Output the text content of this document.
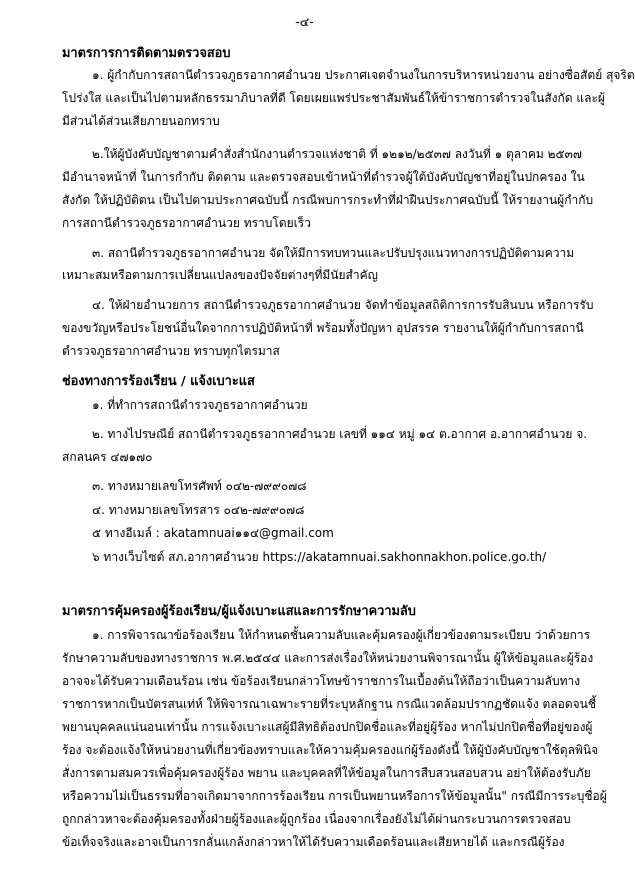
-๔-
มาตรการการติดตามตรวจสอบ
๑. ผู้กำกับการสถานีตำรวจภูธรอากาศอำนวย ประกาศเจตจำนงในการบริหารหน่วยงาน อย่างซื่อสัตย์ สุจริต
โปร่งใส และเป็นไปตามหลักธรรมาภิบาลที่ดี โดยเผยแพร่ประชาสัมพันธ์ให้ข้าราชการตำรวจในสังกัด และผู้
มีส่วนได้ส่วนเสียภายนอกทราบ
๒.ให้ผู้บังคับบัญชาตามคำสั่งสำนักงานตำรวจแห่งชาติ ที่ ๑๒๑๒/๒๕๓๗ ลงวันที่ ๑ ตุลาคม ๒๕๓๗
มีอำนาจหน้าที่ ในการกำกับ ติดตาม และตรวจสอบเข้าหน้าที่ตำรวจผู้ใต้บังคับบัญชาที่อยู่ในปกครอง ใน
สังกัด ให้ปฏิบัติตน เป็นไปตามประกาศฉบับนี้ กรณีพบการกระทำที่ฝ่าฝืนประกาศฉบับนี้ ให้รายงานผู้กำกับ
การสถานีตำรวจภูธรอากาศอำนวย ทราบโดยเร็ว
๓. สถานีตำรวจภูธรอากาศอำนวย จัดให้มีการทบทวนและปรับปรุงแนวทางการปฏิบัติตามความ
เหมาะสมหรือตามการเปลี่ยนแปลงของปัจจัยต่างๆที่มีนัยสำคัญ
๔. ให้ฝ่ายอำนวยการ สถานีตำรวจภูธรอากาศอำนวย จัดทำข้อมูลสถิติการการรับสินบน หรือการรับ
ของขวัญหรือประโยชน์อื่นใดจากการปฏิบัติหน้าที่ พร้อมทั้งปัญหา อุปสรรค รายงานให้ผู้กำกับการสถานี
ตำรวจภูธรอากาศอำนวย ทราบทุกไตรมาส
ช่องทางการร้องเรียน / แจ้งเบาะแส
๑. ที่ทำการสถานีตำรวจภูธรอากาศอำนวย
๒. ทางไปรษณีย์ สถานีตำรวจภูธรอากาศอำนวย เลขที่ ๑๑๔ หมู่ ๑๔ ต.อากาศ อ.อากาศอำนวย จ.
สกลนคร ๔๗๑๗๐
๓. ทางหมายเลขโทรศัพท์ ๐๔๒-๗๙๙๐๗๘
๔. ทางหมายเลขโทรสาร ๐๔๒-๗๙๙๐๗๘
๕ ทางอีเมล์ : akatamnuai๑๑๔@gmail.com
๖ ทางเว็บไซต์ สภ.อากาศอำนวย https://akatamnuai.sakhonnakhon.police.go.th/
มาตรการคุ้มครองผู้ร้องเรียน/ผู้แจ้งเบาะแสและการรักษาความลับ
๑. การพิจารณาข้อร้องเรียน ให้กำหนดชั้นความลับและคุ้มครองผู้เกี่ยวข้องตามระเบียบ ว่าด้วยการ
รักษาความลับของทางราชการ พ.ศ.๒๕๔๔ และการส่งเรื่องให้หน่วยงานพิจารณานั้น ผู้ให้ข้อมูลและผู้ร้อง
อาจจะได้รับความเดือนร้อน เช่น ข้อร้องเรียนกล่าวโทษข้าราชการในเบื้องต้นให้ถือว่าเป็นความลับทาง
ราชการหากเป็นบัตรสนเท่ห์ ให้พิจารณาเฉพาะรายที่ระบุหลักฐาน กรณีแวดล้อมปรากฏชัดแจ้ง ตลอดจนชี้
พยานบุคคลแน่นอนเท่านั้น การแจ้งเบาะแสผู้มีสิทธิต้องปกปิดชื่อและที่อยู่ผู้ร้อง หากไม่ปกปิดชื่อที่อยู่ของผู้
ร้อง จะต้องแจ้งให้หน่วยงานที่เกี่ยวข้องทราบและให้ความคุ้มครองแก่ผู้ร้องดังนี้ ให้ผู้บังคับบัญชาใช้ดุลพินิจ
สั่งการตามสมควรเพื่อคุ้มครองผู้ร้อง พยาน และบุคคลที่ให้ข้อมูลในการสืบสวนสอบสวน อย่าให้ต้องรับภัย
หรือความไม่เป็นธรรมที่อาจเกิดมาจากการร้องเรียน การเป็นพยานหรือการให้ข้อมูลนั้น" กรณีมีการระบุชื่อผู้
ถูกกล่าวหาจะต้องคุ้มครองทั้งฝ่ายผู้ร้องและผู้ถูกร้อง เนื่องจากเรื่องยังไม่ได้ผ่านกระบวนการตรวจสอบ
ข้อเท็จจริงและอาจเป็นการกลั่นแกล้งกล่าวหาให้ได้รับความเดือดร้อนและเสียหายได้ และกรณีผู้ร้อง
